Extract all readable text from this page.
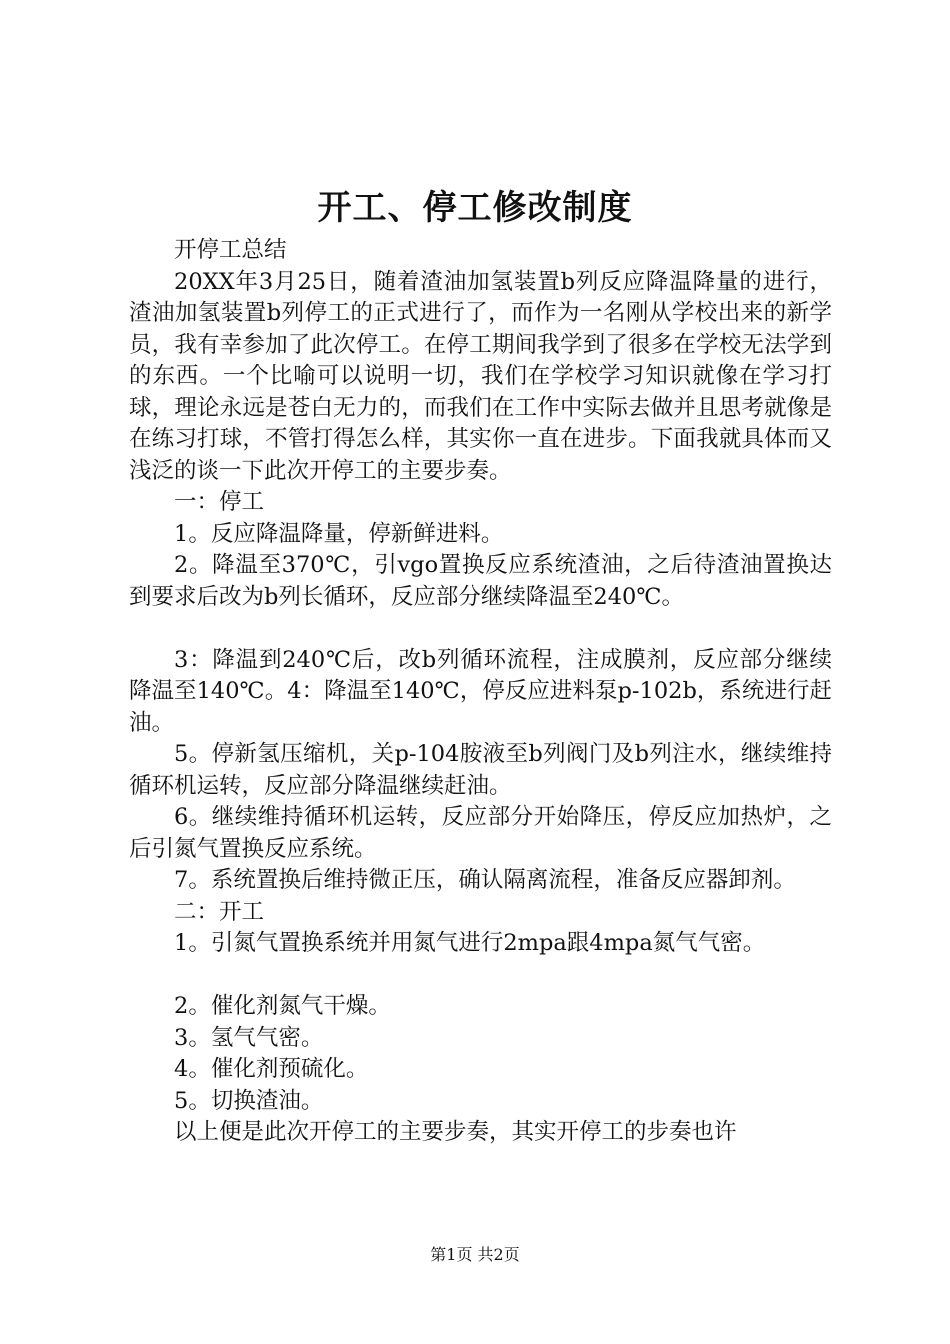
开工、停工修改制度

开停工总结

20XX年3月25日，随着渣油加氢装置b列反应降温降量的进行，渣油加氢装置b列停工的正式进行了，而作为一名刚从学校出来的新学员，我有幸参加了此次停工。在停工期间我学到了很多在学校无法学到的东西。一个比喻可以说明一切，我们在学校学习知识就像在学习打球，理论永远是苍白无力的，而我们在工作中实际去做并且思考就像是在练习打球，不管打得怎么样，其实你一直在进步。下面我就具体而又浅泛的谈一下此次开停工的主要步奏。

一：停工

1。反应降温降量，停新鲜进料。

2。降温至370℃，引vgo置换反应系统渣油，之后待渣油置换达到要求后改为b列长循环，反应部分继续降温至240℃。

3：降温到240℃后，改b列循环流程，注成膜剂，反应部分继续降温至140℃。4：降温至140℃，停反应进料泵p-102b，系统进行赶油。

5。停新氢压缩机，关p-104胺液至b列阀门及b列注水，继续维持循环机运转，反应部分降温继续赶油。

6。继续维持循环机运转，反应部分开始降压，停反应加热炉，之后引氮气置换反应系统。

7。系统置换后维持微正压，确认隔离流程，准备反应器卸剂。

二：开工

1。引氮气置换系统并用氮气进行2mpa跟4mpa氮气气密。

2。催化剂氮气干燥。

3。氢气气密。

4。催化剂预硫化。

5。切换渣油。

以上便是此次开停工的主要步奏，其实开停工的步奏也许

第1页 共2页
